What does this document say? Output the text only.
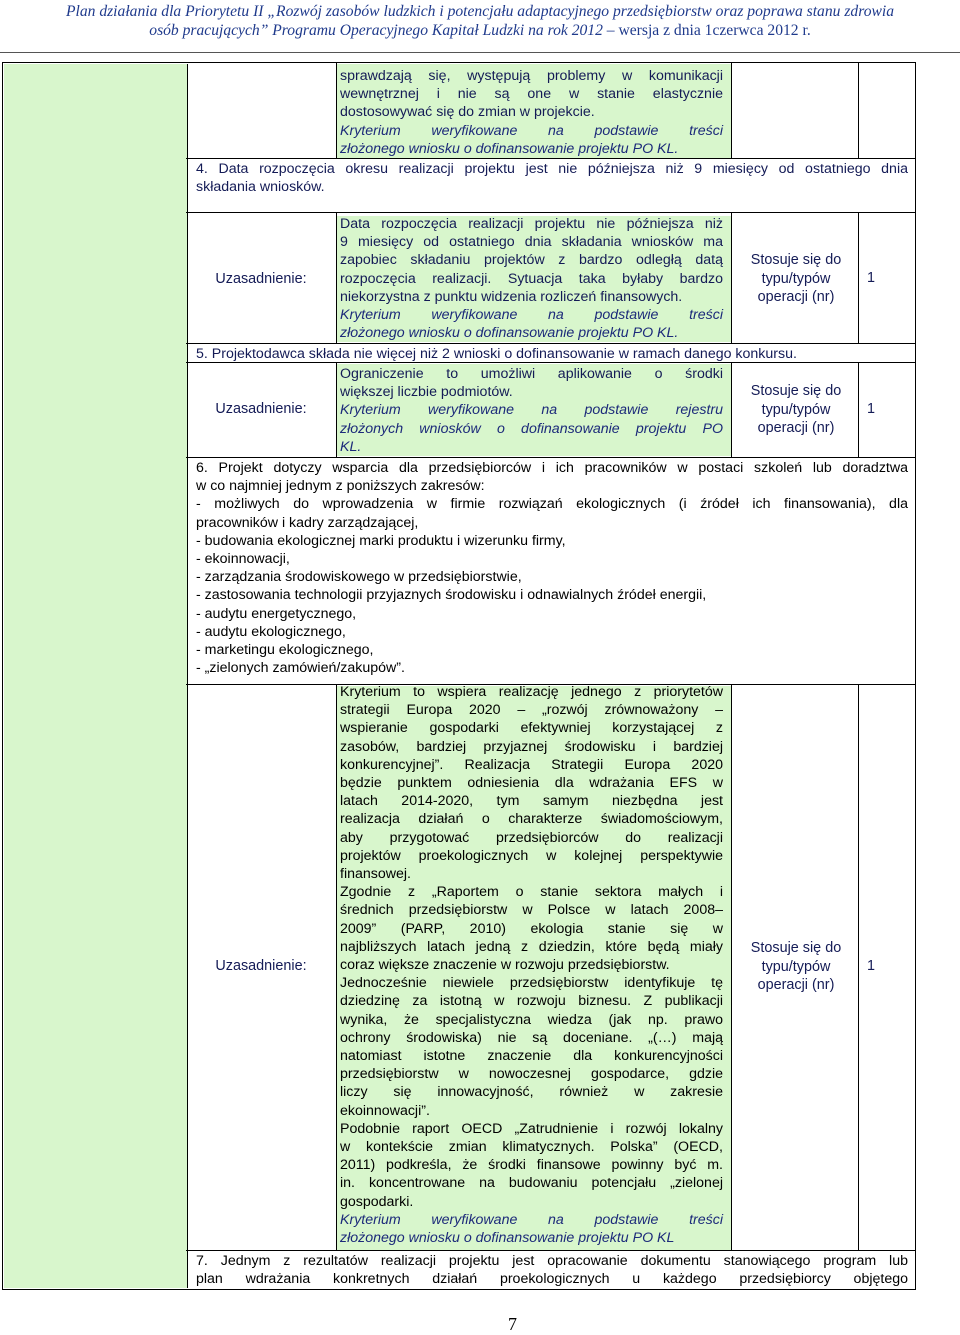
Plan działania dla Priorytetu II „Rozwój zasobów ludzkich i potencjału adaptacyjnego przedsiębiorstw oraz poprawa stanu zdrowia
osób pracujących” Programu Operacyjnego Kapitał Ludzki na rok 2012 – wersja z dnia 1czerwca 2012 r.

sprawdzają się, występują problemy w komunikacji

wewnętrznej i nie są one w stanie elastycznie

dostosowywać się do zmian w projekcie.

Kryterium weryfikowane na podstawie treści

złożonego wniosku o dofinansowanie projektu PO KL.

4. Data rozpoczęcia okresu realizacji projektu jest nie późniejsza niż 9 miesięcy od ostatniego dnia

składania wniosków.

Uzasadnienie:

Data rozpoczęcia realizacji projektu nie późniejsza niż

9 miesięcy od ostatniego dnia składania wniosków ma

zapobiec składaniu projektów z bardzo odległą datą

rozpoczęcia realizacji. Sytuacja taka byłaby bardzo

niekorzystna z punktu widzenia rozliczeń finansowych.

Kryterium weryfikowane na podstawie treści

złożonego wniosku o dofinansowanie projektu PO KL.

Stosuje się do
typu/typów
operacji (nr)
1

5. Projektodawca składa nie więcej niż 2 wnioski o dofinansowanie w ramach danego konkursu.

Uzasadnienie:

Ograniczenie to umożliwi aplikowanie o środki

większej liczbie podmiotów.

Kryterium weryfikowane na podstawie rejestru

złożonych wniosków o dofinansowanie projektu PO

KL.

Stosuje się do
typu/typów
operacji (nr)
1

6. Projekt dotyczy wsparcia dla przedsiębiorców i ich pracowników w postaci szkoleń lub doradztwa

w co najmniej jednym z poniższych zakresów:

- możliwych do wprowadzenia w firmie rozwiązań ekologicznych (i źródeł ich finansowania), dla

pracowników i kadry zarządzającej,

- budowania ekologicznej marki produktu i wizerunku firmy,

- ekoinnowacji,

- zarządzania środowiskowego w przedsiębiorstwie,

- zastosowania technologii przyjaznych środowisku i odnawialnych źródeł energii,

- audytu energetycznego,

- audytu ekologicznego,

- marketingu ekologicznego,

- „zielonych zamówień/zakupów”.

Uzasadnienie:

Kryterium to wspiera realizację jednego z priorytetów

strategii Europa 2020 – „rozwój zrównoważony –

wspieranie gospodarki efektywniej korzystającej z

zasobów, bardziej przyjaznej środowisku i bardziej

konkurencyjnej”. Realizacja Strategii Europa 2020

będzie punktem odniesienia dla wdrażania EFS w

latach 2014-2020, tym samym niezbędna jest

realizacja działań o charakterze świadomościowym,

aby przygotować przedsiębiorców do realizacji

projektów proekologicznych w kolejnej perspektywie

finansowej.

Zgodnie z „Raportem o stanie sektora małych i

średnich przedsiębiorstw w Polsce w latach 2008–

2009” (PARP, 2010) ekologia stanie się w

najbliższych latach jedną z dziedzin, które będą miały

coraz większe znaczenie w rozwoju przedsiębiorstw.

Jednocześnie niewiele przedsiębiorstw identyfikuje tę

dziedzinę za istotną w rozwoju biznesu. Z publikacji

wynika, że specjalistyczna wiedza (jak np. prawo

ochrony środowiska) nie są doceniane. „(…) mają

natomiast istotne znaczenie dla konkurencyjności

przedsiębiorstw w nowoczesnej gospodarce, gdzie

liczy się innowacyjność, również w zakresie

ekoinnowacji”.

Podobnie raport OECD „Zatrudnienie i rozwój lokalny

w kontekście zmian klimatycznych. Polska” (OECD,

2011) podkreśla, że środki finansowe powinny być m.

in. koncentrowane na budowaniu potencjału „zielonej

gospodarki.

Kryterium weryfikowane na podstawie treści

złożonego wniosku o dofinansowanie projektu PO KL

Stosuje się do
typu/typów
operacji (nr)
1

7. Jednym z rezultatów realizacji projektu jest opracowanie dokumentu stanowiącego program lub

plan wdrażania konkretnych działań proekologicznych u każdego przedsiębiorcy objętego

7
